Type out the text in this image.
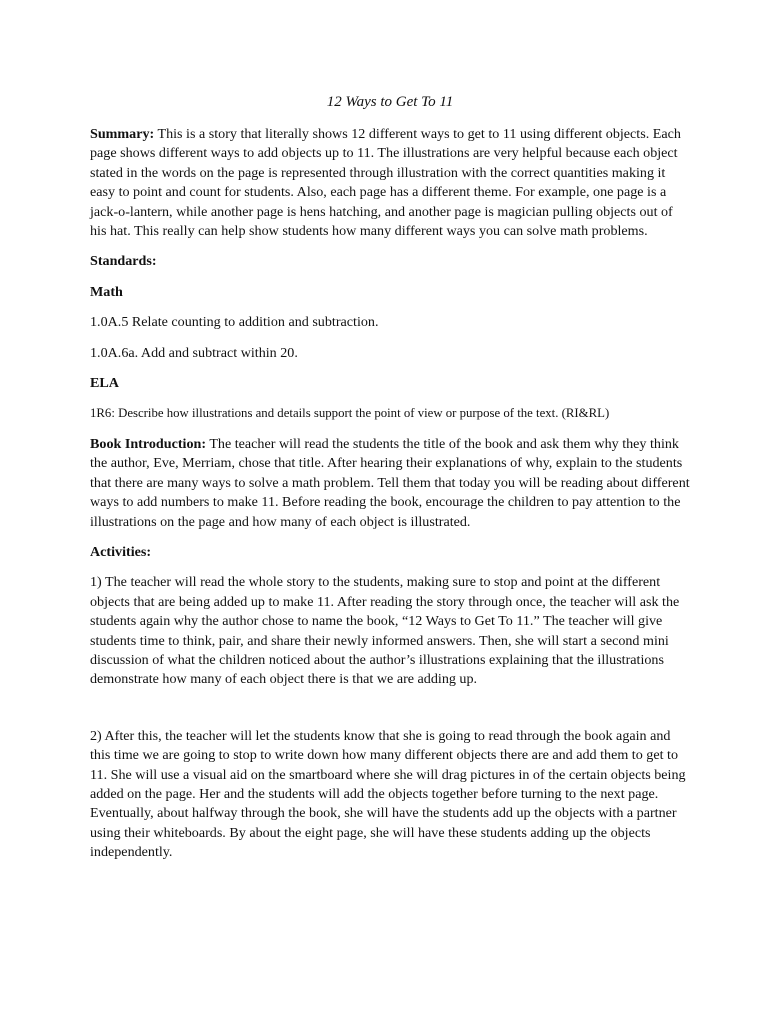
12 Ways to Get To 11

Summary: This is a story that literally shows 12 different ways to get to 11 using different objects. Each page shows different ways to add objects up to 11. The illustrations are very helpful because each object stated in the words on the page is represented through illustration with the correct quantities making it easy to point and count for students. Also, each page has a different theme. For example, one page is a jack-o-lantern, while another page is hens hatching, and another page is magician pulling objects out of his hat. This really can help show students how many different ways you can solve math problems.

Standards:

Math

1.0A.5 Relate counting to addition and subtraction.

1.0A.6a. Add and subtract within 20.

ELA

1R6: Describe how illustrations and details support the point of view or purpose of the text. (RI&RL)

Book Introduction: The teacher will read the students the title of the book and ask them why they think the author, Eve, Merriam, chose that title. After hearing their explanations of why, explain to the students that there are many ways to solve a math problem. Tell them that today you will be reading about different ways to add numbers to make 11. Before reading the book, encourage the children to pay attention to the illustrations on the page and how many of each object is illustrated.

Activities:

1) The teacher will read the whole story to the students, making sure to stop and point at the different objects that are being added up to make 11. After reading the story through once, the teacher will ask the students again why the author chose to name the book, “12 Ways to Get To 11.” The teacher will give students time to think, pair, and share their newly informed answers. Then, she will start a second mini discussion of what the children noticed about the author’s illustrations explaining that the illustrations demonstrate how many of each object there is that we are adding up.

2) After this, the teacher will let the students know that she is going to read through the book again and this time we are going to stop to write down how many different objects there are and add them to get to 11. She will use a visual aid on the smartboard where she will drag pictures in of the certain objects being added on the page. Her and the students will add the objects together before turning to the next page. Eventually, about halfway through the book, she will have the students add up the objects with a partner using their whiteboards. By about the eight page, she will have these students adding up the objects independently.
